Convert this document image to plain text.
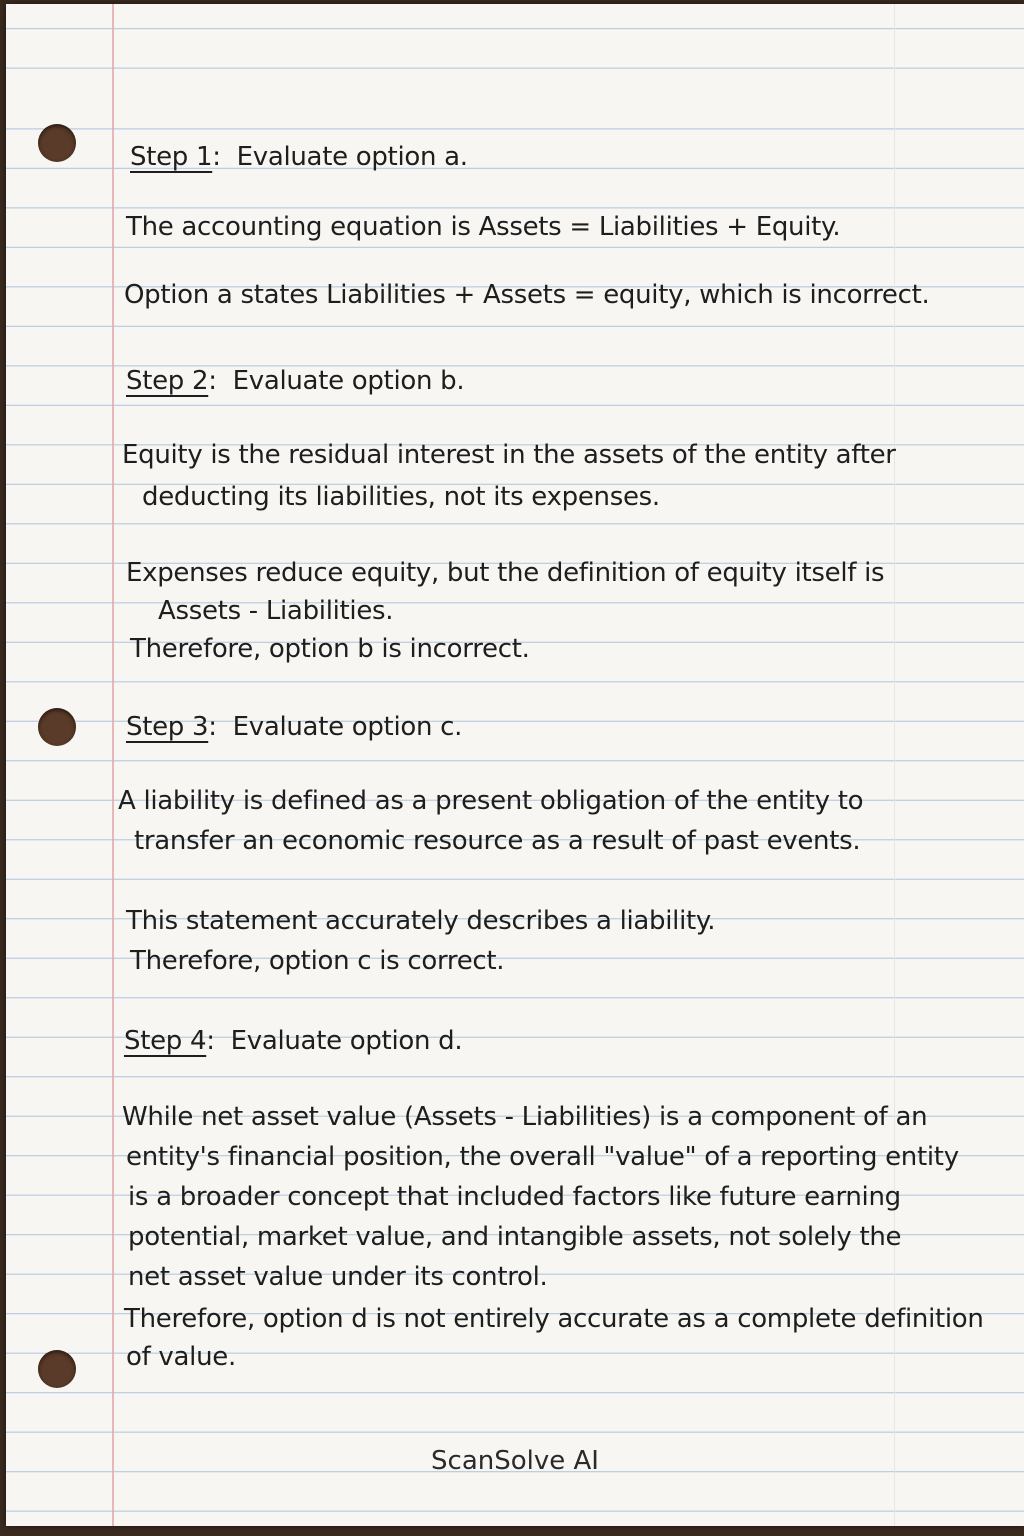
Step 1:  Evaluate option a.
The accounting equation is Assets = Liabilities + Equity.
Option a states Liabilities + Assets = equity, which is incorrect.
Step 2:  Evaluate option b.
Equity is the residual interest in the assets of the entity after
deducting its liabilities, not its expenses.
Expenses reduce equity, but the definition of equity itself is
Assets - Liabilities.
Therefore, option b is incorrect.
Step 3:  Evaluate option c.
A liability is defined as a present obligation of the entity to
transfer an economic resource as a result of past events.
This statement accurately describes a liability.
Therefore, option c is correct.
Step 4:  Evaluate option d.
While net asset value (Assets - Liabilities) is a component of an
entity's financial position, the overall "value" of a reporting entity
is a broader concept that included factors like future earning
potential, market value, and intangible assets, not solely the
net asset value under its control.
Therefore, option d is not entirely accurate as a complete definition
of value.
ScanSolve AI
